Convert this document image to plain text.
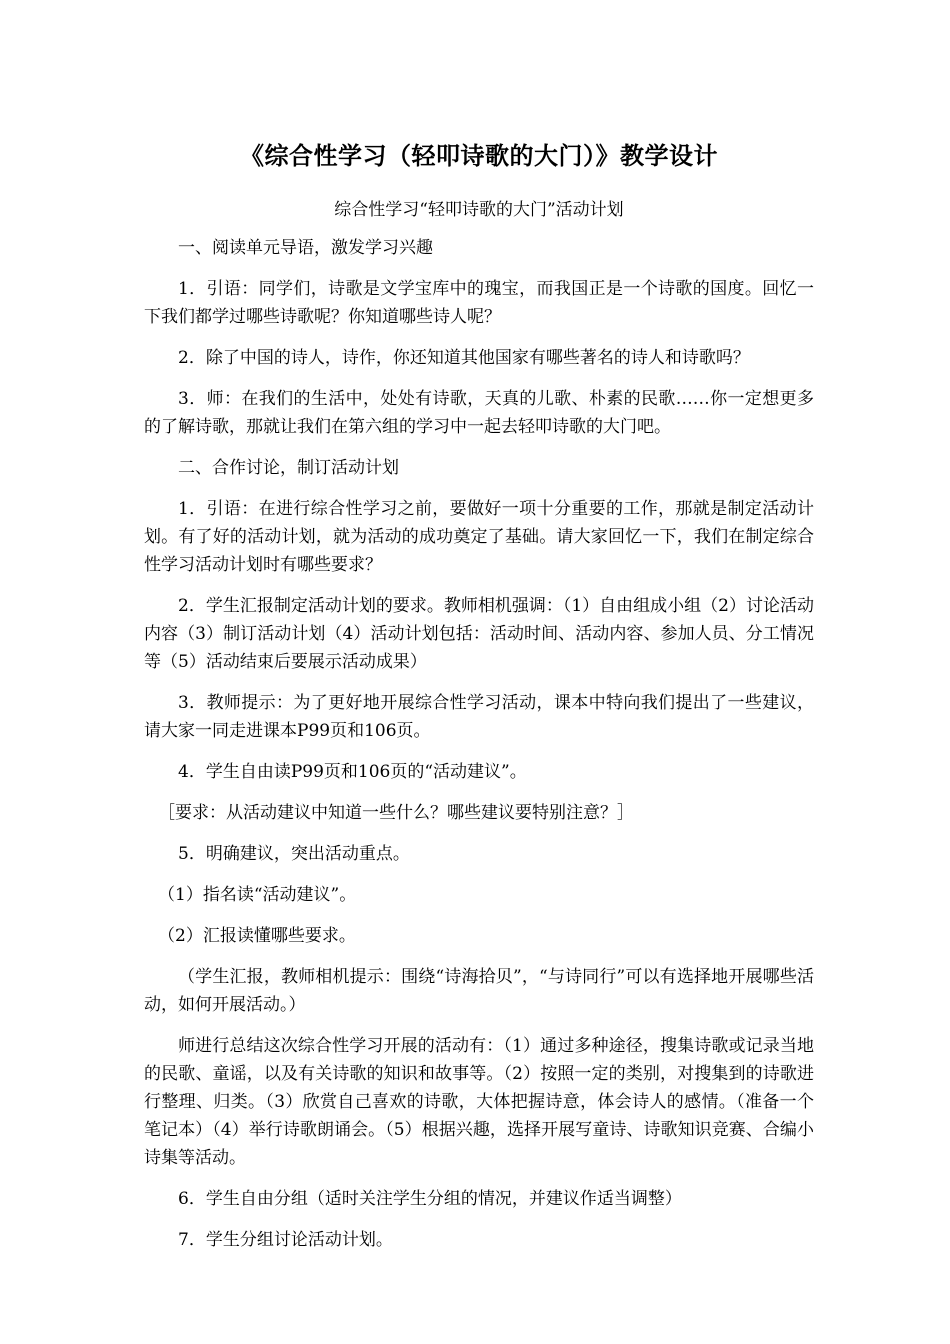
《综合性学习（轻叩诗歌的大门）》教学设计

综合性学习“轻叩诗歌的大门”活动计划

一、阅读单元导语，激发学习兴趣

1．引语：同学们，诗歌是文学宝库中的瑰宝，而我国正是一个诗歌的国度。回忆一下我们都学过哪些诗歌呢？你知道哪些诗人呢？

2．除了中国的诗人，诗作，你还知道其他国家有哪些著名的诗人和诗歌吗？

3．师：在我们的生活中，处处有诗歌，天真的儿歌、朴素的民歌……你一定想更多的了解诗歌，那就让我们在第六组的学习中一起去轻叩诗歌的大门吧。

二、合作讨论，制订活动计划

1．引语：在进行综合性学习之前，要做好一项十分重要的工作，那就是制定活动计划。有了好的活动计划，就为活动的成功奠定了基础。请大家回忆一下，我们在制定综合性学习活动计划时有哪些要求？

2．学生汇报制定活动计划的要求。教师相机强调：（1）自由组成小组（2）讨论活动内容（3）制订活动计划（4）活动计划包括：活动时间、活动内容、参加人员、分工情况等（5）活动结束后要展示活动成果）

3．教师提示：为了更好地开展综合性学习活动，课本中特向我们提出了一些建议，请大家一同走进课本P99页和106页。

4．学生自由读P99页和106页的“活动建议”。

［要求：从活动建议中知道一些什么？哪些建议要特别注意？］

5．明确建议，突出活动重点。

（1）指名读“活动建议”。

（2）汇报读懂哪些要求。

（学生汇报，教师相机提示：围绕“诗海拾贝”，“与诗同行”可以有选择地开展哪些活动，如何开展活动。）

师进行总结这次综合性学习开展的活动有：（1）通过多种途径，搜集诗歌或记录当地的民歌、童谣，以及有关诗歌的知识和故事等。（2）按照一定的类别，对搜集到的诗歌进行整理、归类。（3）欣赏自己喜欢的诗歌，大体把握诗意，体会诗人的感情。（准备一个笔记本）（4）举行诗歌朗诵会。（5）根据兴趣，选择开展写童诗、诗歌知识竞赛、合编小诗集等活动。

6．学生自由分组（适时关注学生分组的情况，并建议作适当调整）

7．学生分组讨论活动计划。
